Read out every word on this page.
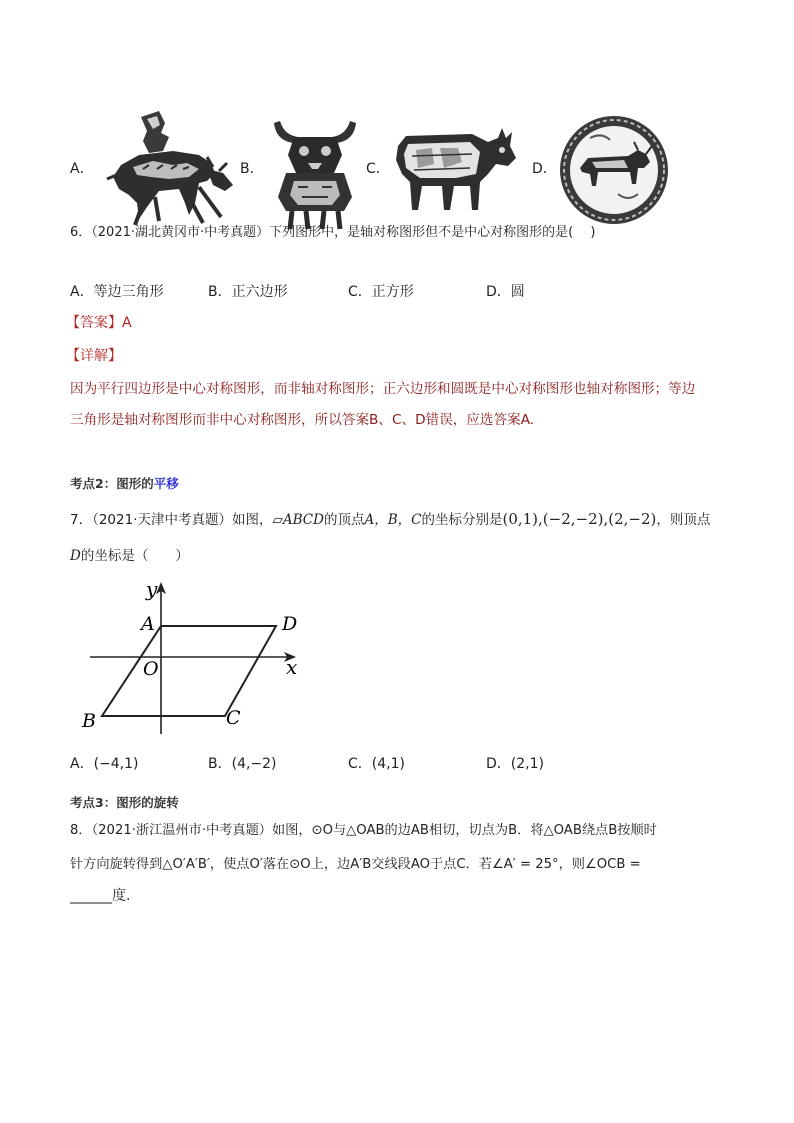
A．	B．	C．	D．
6．（2021·湖北黄冈市·中考真题）下列图形中，是轴对称图形但不是中心对称图形的是(　 )
A．等边三角形	B．正六边形	C．正方形	D．圆
【答案】A
【详解】
因为平行四边形是中心对称图形，而非轴对称图形；正六边形和圆既是中心对称图形也轴对称图形；等边
三角形是轴对称图形而非中心对称图形，所以答案B、C、D错误，应选答案A.
考点2：图形的平移
7．（2021·天津中考真题）如图，▱ABCD的顶点A，B，C的坐标分别是(0,1),(−2,−2),(2,−2)，则顶点
D的坐标是（　　）
y
x
A	D
O
B	C
A．(−4,1)	B．(4,−2)	C．(4,1)	D．(2,1)
考点3：图形的旋转
8．（2021·浙江温州市·中考真题）如图，⊙O与△OAB的边AB相切，切点为B．将△OAB绕点B按顺时
针方向旋转得到△O′A′B′，使点O′落在⊙O上，边A′B交线段AO于点C．若∠A′ = 25°，则∠OCB =
______度.
